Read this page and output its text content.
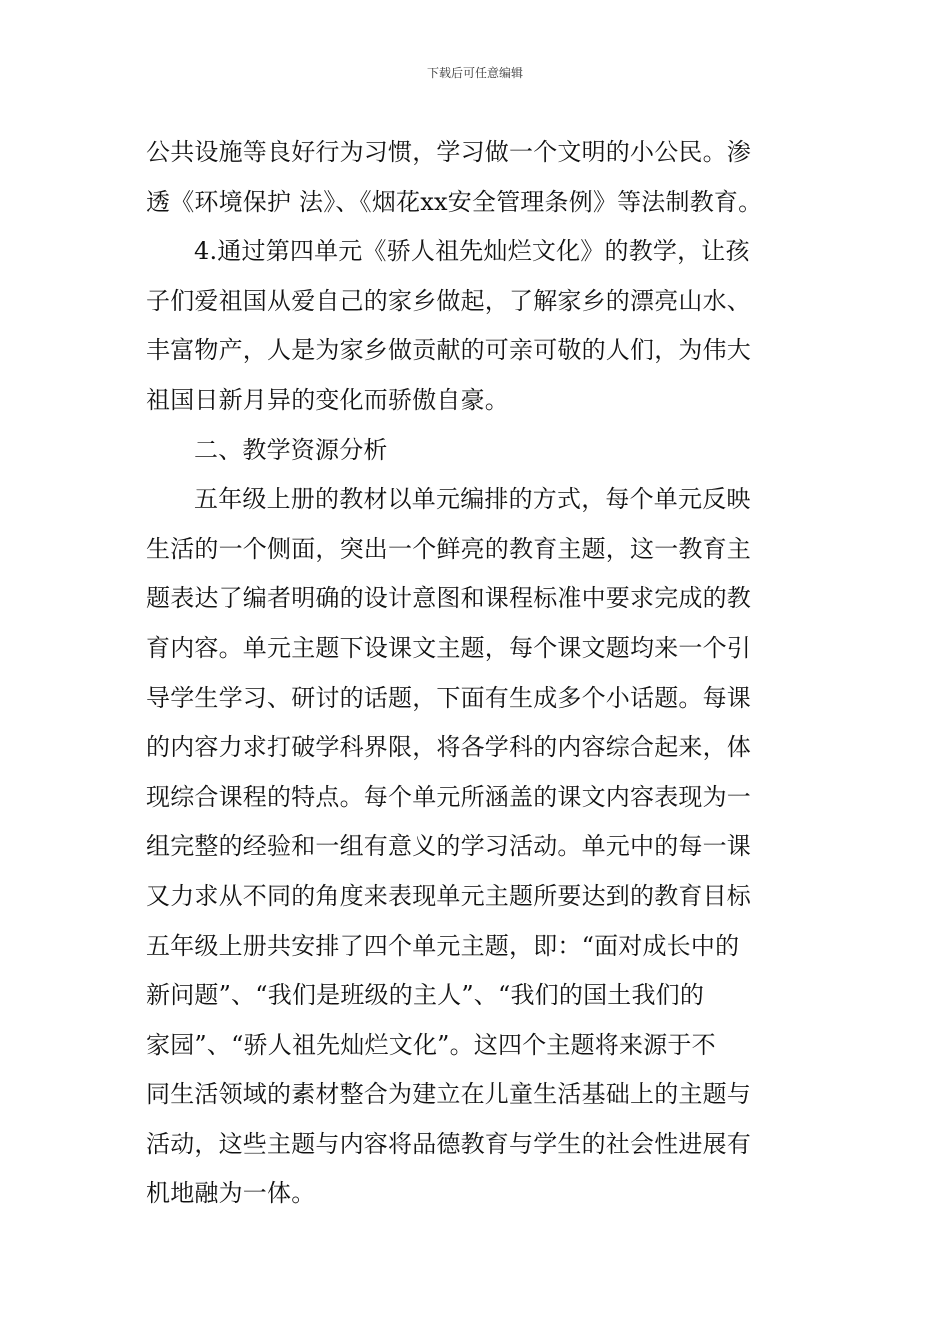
下载后可任意编辑
公共设施等良好行为习惯，学习做一个文明的小公民。渗
透《环境保护 法》、《烟花xx安全管理条例》等法制教育。
4.通过第四单元《骄人祖先灿烂文化》的教学，让孩
子们爱祖国从爱自己的家乡做起，了解家乡的漂亮山水、
丰富物产，人是为家乡做贡献的可亲可敬的人们，为伟大
祖国日新月异的变化而骄傲自豪。
二、教学资源分析
五年级上册的教材以单元编排的方式，每个单元反映
生活的一个侧面，突出一个鲜亮的教育主题，这一教育主
题表达了编者明确的设计意图和课程标准中要求完成的教
育内容。单元主题下设课文主题，每个课文题均来一个引
导学生学习、研讨的话题，下面有生成多个小话题。每课
的内容力求打破学科界限，将各学科的内容综合起来，体
现综合课程的特点。每个单元所涵盖的课文内容表现为一
组完整的经验和一组有意义的学习活动。单元中的每一课
又力求从不同的角度来表现单元主题所要达到的教育目标
五年级上册共安排了四个单元主题，即：“面对成长中的
新问题”、“我们是班级的主人”、“我们的国土我们的
家园”、“骄人祖先灿烂文化”。这四个主题将来源于不
同生活领域的素材整合为建立在儿童生活基础上的主题与
活动，这些主题与内容将品德教育与学生的社会性进展有
机地融为一体。
